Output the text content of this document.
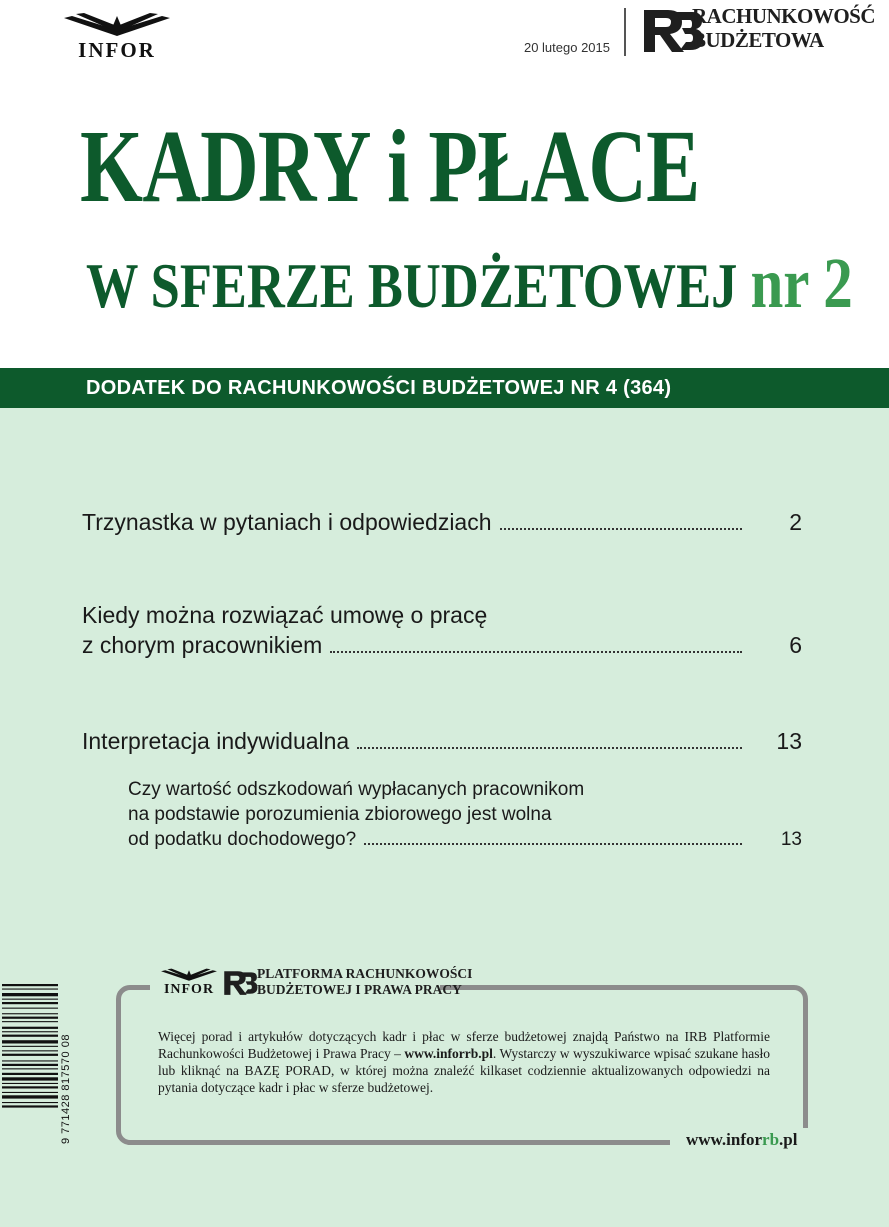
INFOR	20 lutego 2015
RACHUNKOWOŚĆ
BUDŻETOWA
KADRY i PŁACE
W SFERZE BUDŻETOWEJ nr 2
DODATEK DO RACHUNKOWOŚCI BUDŻETOWEJ NR 4 (364)
Trzynastka w pytaniach i odpowiedziach	2
Kiedy można rozwiązać umowę o pracę
z chorym pracownikiem	6
Interpretacja indywidualna	13
Czy wartość odszkodowań wypłacanych pracownikom
na podstawie porozumienia zbiorowego jest wolna
od podatku dochodowego?	13
9 771428 817570 08
INFOR
PLATFORMA RACHUNKOWOŚCI
BUDŻETOWEJ I PRAWA PRACY
Więcej porad i artykułów dotyczących kadr i płac w sferze budżetowej znajdą Państwo na IRB Platformie Rachunkowości Budżetowej i Prawa Pracy – www.inforrb.pl. Wystarczy w wyszukiwarce wpisać szukane hasło lub kliknąć na BAZĘ PORAD, w której można znaleźć kilkaset codziennie aktualizowanych odpowiedzi na pytania dotyczące kadr i płac w sferze budżetowej.
www.inforrb.pl
